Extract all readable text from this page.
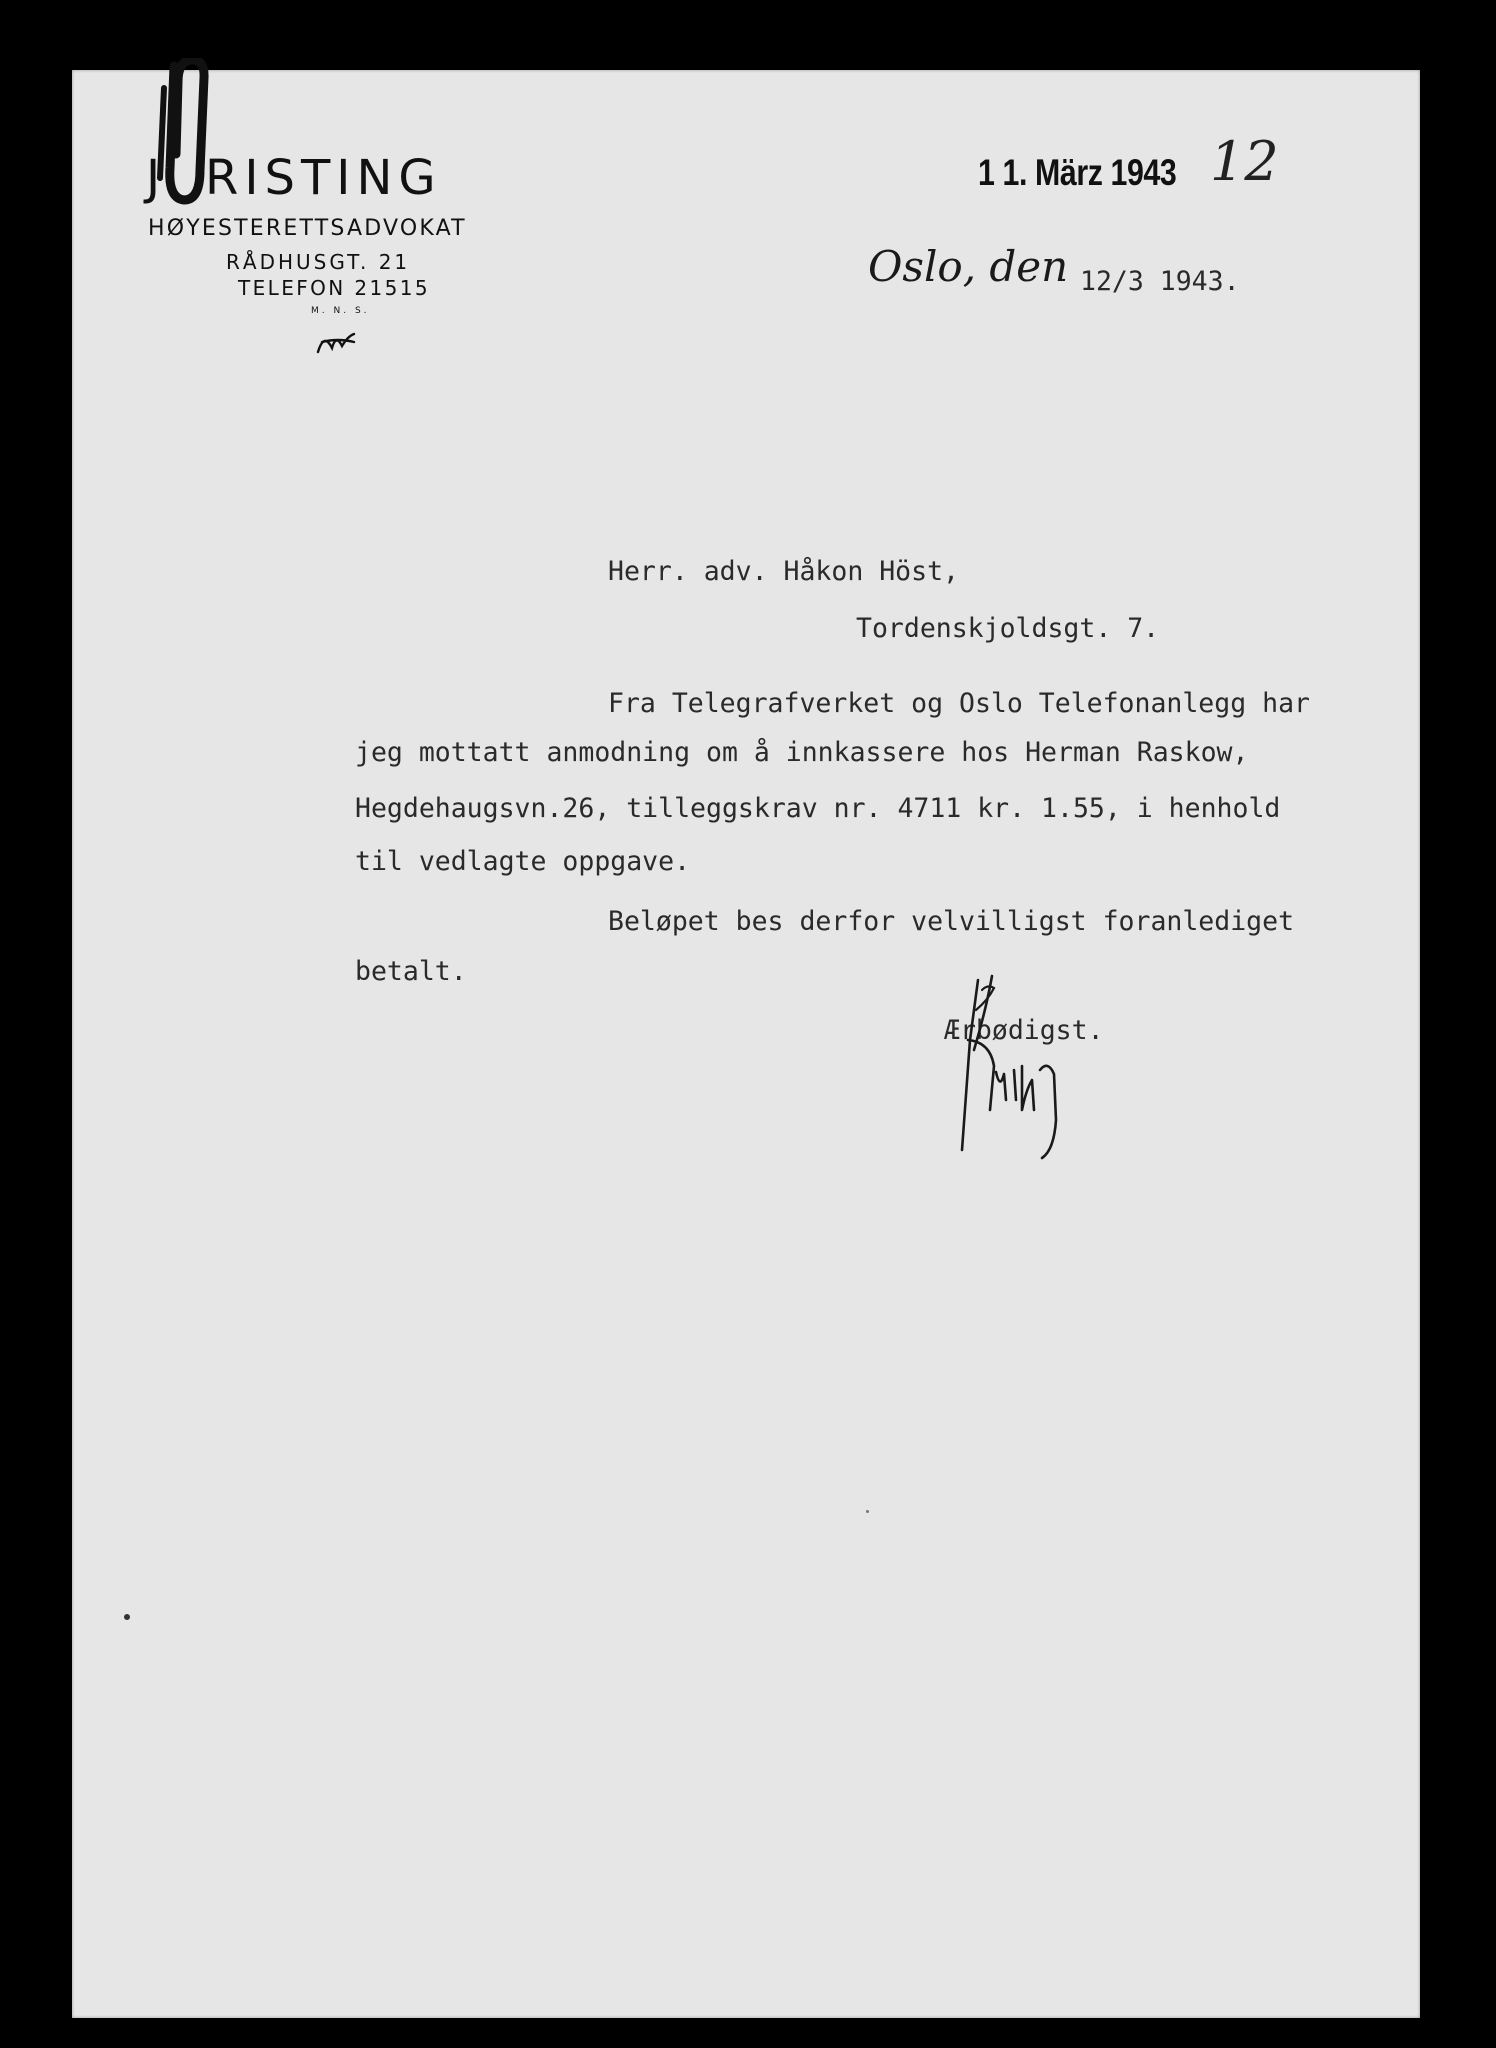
J RISTING
HØYESTERETTSADVOKAT
RÅDHUSGT. 21
TELEFON 21515
M. N. S.
1 1. März 1943 12
Oslo, den 12/3 1943.
Herr. adv. Håkon Höst,
Tordenskjoldsgt. 7.
Fra Telegrafverket og Oslo Telefonanlegg har
jeg mottatt anmodning om å innkassere hos Herman Raskow,
Hegdehaugsvn.26, tilleggskrav nr. 4711 kr. 1.55, i henhold
til vedlagte oppgave.
Beløpet bes derfor velvilligst foranlediget
betalt.
Ærbødigst.
